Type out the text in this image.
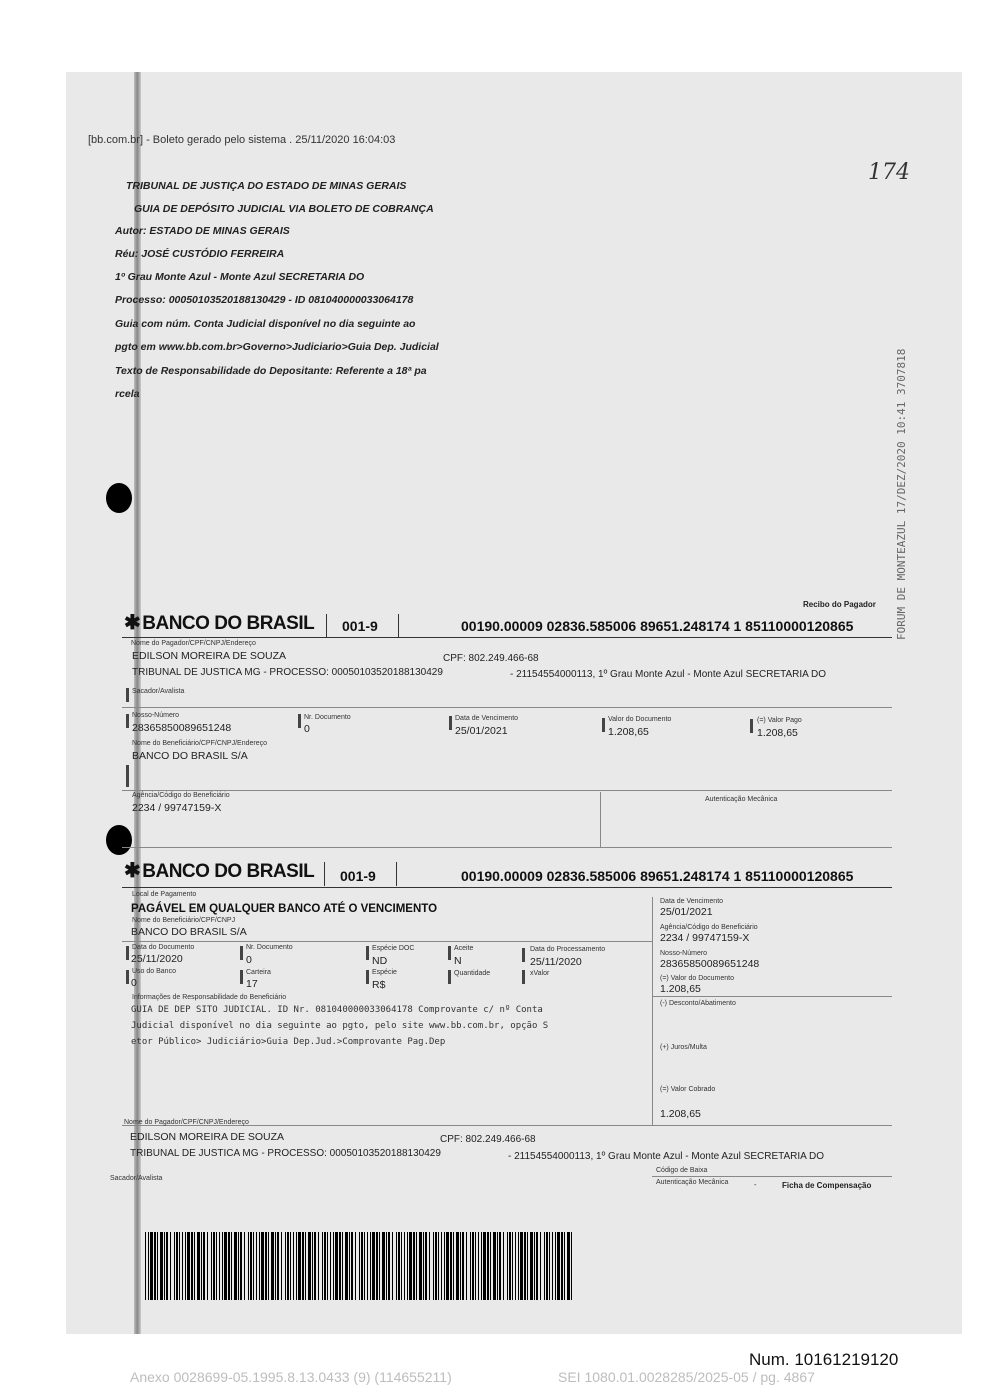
[bb.com.br] - Boleto gerado pelo sistema . 25/11/2020 16:04:03
174
TRIBUNAL DE JUSTIÇA DO ESTADO DE MINAS GERAIS
GUIA DE DEPÓSITO JUDICIAL VIA BOLETO DE COBRANÇA
Autor: ESTADO DE MINAS GERAIS
Réu: JOSÉ CUSTÓDIO FERREIRA
1º Grau Monte Azul - Monte Azul SECRETARIA DO
Processo: 00050103520188130429 - ID 081040000033064178
Guia com núm. Conta Judicial disponível no dia seguinte ao
pgto em www.bb.com.br>Governo>Judiciario>Guia Dep. Judicial
Texto de Responsabilidade do Depositante: Referente a 18ª pa
rcela	FORUM DE MONTEAZUL 17/DEZ/2020 10:41 3707818
✱ BANCO DO BRASIL 001-9	00190.00009 02836.585006 89651.248174 1 85110000120865
Recibo do Pagador
Nome do Pagador/CPF/CNPJ/Endereço
EDILSON MOREIRA DE SOUZA	CPF: 802.249.466-68
TRIBUNAL DE JUSTICA MG - PROCESSO: 00050103520188130429	- 21154554000113, 1º Grau Monte Azul - Monte Azul SECRETARIA DO
Sacador/Avalista
Nosso-Número
28365850089651248
Nr. Documento
0
Data de Vencimento
25/01/2021
Valor do Documento
1.208,65
(=) Valor Pago
1.208,65
Nome do Beneficiário/CPF/CNPJ/Endereço
BANCO DO BRASIL S/A
Agência/Código do Beneficiário
2234 / 99747159-X
Autenticação Mecânica
✱ BANCO DO BRASIL 001-9	00190.00009 02836.585006 89651.248174 1 85110000120865
Data de Vencimento
25/01/2021
Agência/Código do Beneficiário
2234 / 99747159-X
Nosso-Número
28365850089651248
(=) Valor do Documento
1.208,65
(-) Desconto/Abatimento
(+) Juros/Multa
(=) Valor Cobrado
1.208,65
Local de Pagamento
PAGÁVEL EM QUALQUER BANCO ATÉ O VENCIMENTO
Nome do Beneficiário/CPF/CNPJ
BANCO DO BRASIL S/A
Data do Documento
25/11/2020
Nr. Documento
0
Espécie DOC
ND
Aceite
N
Data do Processamento
25/11/2020
Uso do Banco
0
Carteira
17
Espécie
R$
Quantidade	xValor
Informações de Responsabilidade do Beneficiário
GUIA DE DEP SITO JUDICIAL. ID Nr. 081040000033064178 Comprovante c/ nº Conta
Judicial disponível no dia seguinte ao pgto, pelo site www.bb.com.br, opção S
etor Público> Judiciário>Guia Dep.Jud.>Comprovante Pag.Dep
Nome do Pagador/CPF/CNPJ/Endereço
EDILSON MOREIRA DE SOUZA	CPF: 802.249.466-68
TRIBUNAL DE JUSTICA MG - PROCESSO: 00050103520188130429	- 21154554000113, 1º Grau Monte Azul - Monte Azul SECRETARIA DO
Código de Baixa
Sacador/Avalista
Autenticação Mecânica	-	Ficha de Compensação
Num. 10161219120
Anexo 0028699-05.1995.8.13.0433 (9) (114655211)	SEI 1080.01.0028285/2025-05 / pg. 4867
